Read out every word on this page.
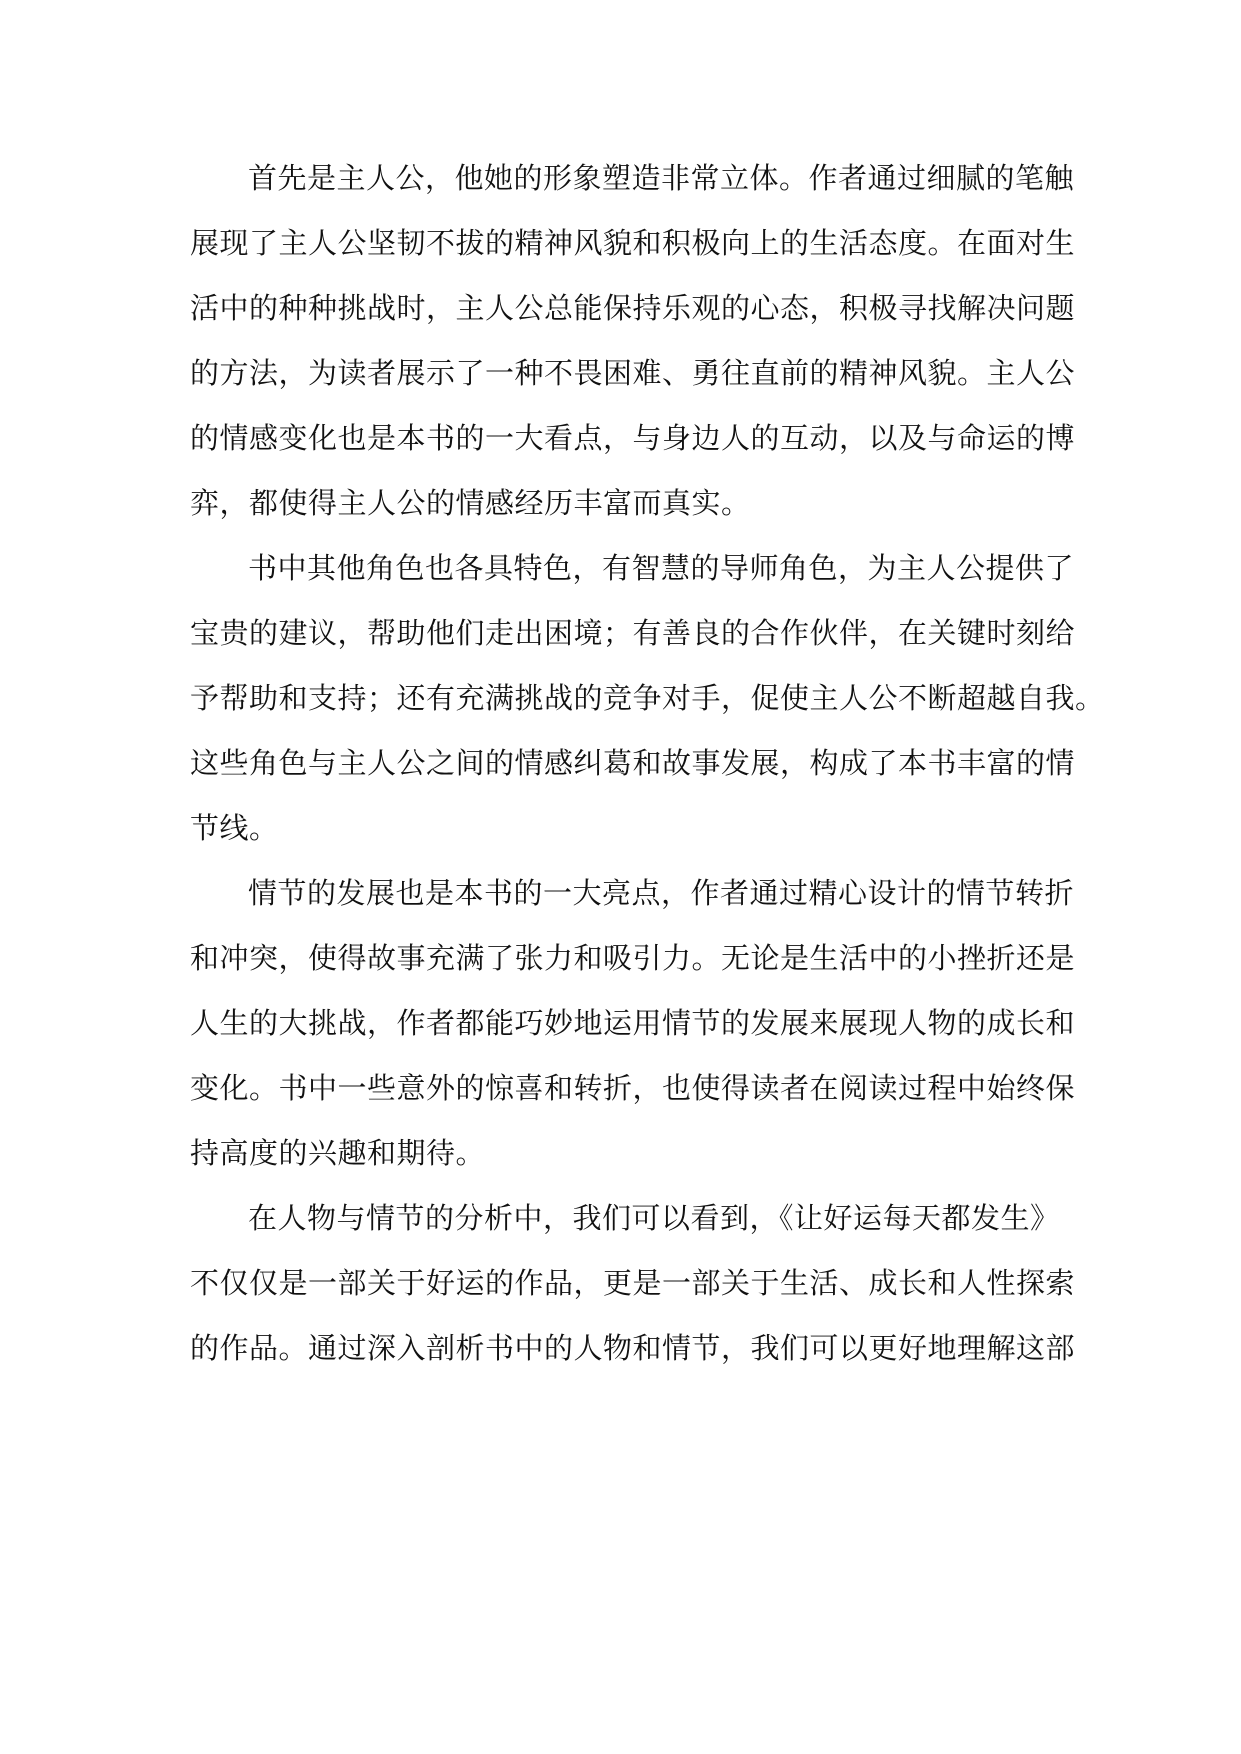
首先是主人公，他她的形象塑造非常立体。作者通过细腻的笔触
展现了主人公坚韧不拔的精神风貌和积极向上的生活态度。在面对生
活中的种种挑战时，主人公总能保持乐观的心态，积极寻找解决问题
的方法，为读者展示了一种不畏困难、勇往直前的精神风貌。主人公
的情感变化也是本书的一大看点，与身边人的互动，以及与命运的博
弈，都使得主人公的情感经历丰富而真实。
书中其他角色也各具特色，有智慧的导师角色，为主人公提供了
宝贵的建议，帮助他们走出困境；有善良的合作伙伴，在关键时刻给
予帮助和支持；还有充满挑战的竞争对手，促使主人公不断超越自我。
这些角色与主人公之间的情感纠葛和故事发展，构成了本书丰富的情
节线。
情节的发展也是本书的一大亮点，作者通过精心设计的情节转折
和冲突，使得故事充满了张力和吸引力。无论是生活中的小挫折还是
人生的大挑战，作者都能巧妙地运用情节的发展来展现人物的成长和
变化。书中一些意外的惊喜和转折，也使得读者在阅读过程中始终保
持高度的兴趣和期待。
在人物与情节的分析中，我们可以看到，《让好运每天都发生》
不仅仅是一部关于好运的作品，更是一部关于生活、成长和人性探索
的作品。通过深入剖析书中的人物和情节，我们可以更好地理解这部
